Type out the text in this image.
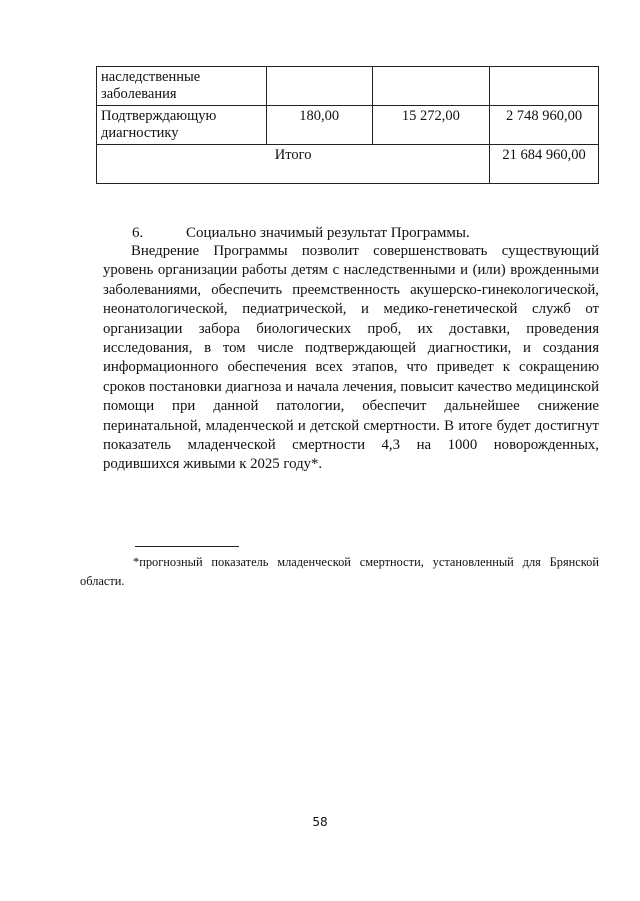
наследственные заболевания			
Подтверждающую диагностику	180,00	15 272,00	2 748 960,00
Итого			21 684 960,00
6.	Социально значимый результат Программы.
Внедрение Программы позволит совершенствовать существующий уровень организации работы детям с наследственными и (или) врожденными заболеваниями, обеспечить преемственность акушерско-гинекологической, неонатологической, педиатрической, и медико-генетической служб от организации забора биологических проб, их доставки, проведения исследования, в том числе подтверждающей диагностики, и создания информационного обеспечения всех этапов, что приведет к сокращению сроков постановки диагноза и начала лечения, повысит качество медицинской помощи при данной патологии, обеспечит дальнейшее снижение перинатальной, младенческой и детской смертности. В итоге будет достигнут показатель младенческой смертности 4,3 на 1000 новорожденных, родившихся живыми к 2025 году*.
*прогнозный показатель младенческой смертности, установленный для Брянской области.
58
